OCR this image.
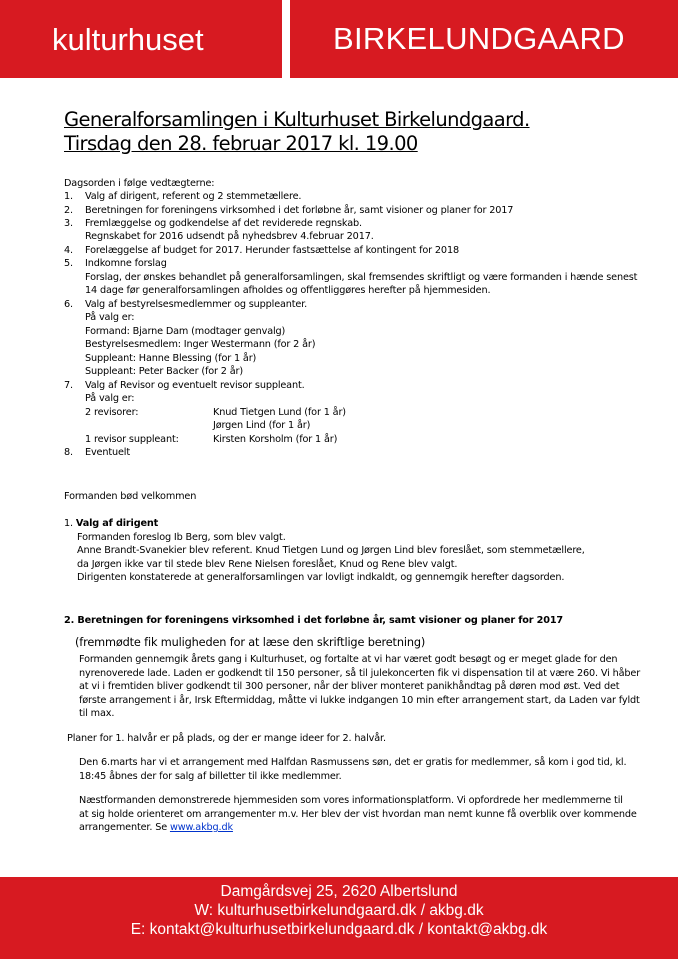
kulturhuset	BIRKELUNDGAARD
Generalforsamlingen i Kulturhuset Birkelundgaard.
Tirsdag den 28. februar 2017 kl. 19.00
Dagsorden i følge vedtægterne:
1. Valg af dirigent, referent og 2 stemmetællere.
2. Beretningen for foreningens virksomhed i det forløbne år, samt visioner og planer for 2017
3. Fremlæggelse og godkendelse af det reviderede regnskab.
Regnskabet for 2016 udsendt på nyhedsbrev 4.februar 2017.
4. Forelæggelse af budget for 2017. Herunder fastsættelse af kontingent for 2018
5. Indkomne forslag
Forslag, der ønskes behandlet på generalforsamlingen, skal fremsendes skriftligt og være formanden i hænde senest
14 dage før generalforsamlingen afholdes og offentliggøres herefter på hjemmesiden.
6. Valg af bestyrelsesmedlemmer og suppleanter.
På valg er:
Formand: Bjarne Dam (modtager genvalg)
Bestyrelsesmedlem: Inger Westermann (for 2 år)
Suppleant: Hanne Blessing (for 1 år)
Suppleant: Peter Backer (for 2 år)
7. Valg af Revisor og eventuelt revisor suppleant.
På valg er:
2 revisorer:	Knud Tietgen Lund (for 1 år)
Jørgen Lind (for 1 år)
1 revisor suppleant:	Kirsten Korsholm (for 1 år)
8. Eventuelt
Formanden bød velkommen
1. Valg af dirigent
Formanden foreslog Ib Berg, som blev valgt.
Anne Brandt-Svanekier blev referent. Knud Tietgen Lund og Jørgen Lind blev foreslået, som stemmetællere,
da Jørgen ikke var til stede blev Rene Nielsen foreslået, Knud og Rene blev valgt.
Dirigenten konstaterede at generalforsamlingen var lovligt indkaldt, og gennemgik herefter dagsorden.
2. Beretningen for foreningens virksomhed i det forløbne år, samt visioner og planer for 2017
(fremmødte fik muligheden for at læse den skriftlige beretning)
Formanden gennemgik årets gang i Kulturhuset, og fortalte at vi har været godt besøgt og er meget glade for den
nyrenoverede lade. Laden er godkendt til 150 personer, så til julekoncerten fik vi dispensation til at være 260. Vi håber
at vi i fremtiden bliver godkendt til 300 personer, når der bliver monteret panikhåndtag på døren mod øst. Ved det
første arrangement i år, Irsk Eftermiddag, måtte vi lukke indgangen 10 min efter arrangement start, da Laden var fyldt
til max.
Planer for 1. halvår er på plads, og der er mange ideer for 2. halvår.
Den 6.marts har vi et arrangement med Halfdan Rasmussens søn, det er gratis for medlemmer, så kom i god tid, kl.
18:45 åbnes der for salg af billetter til ikke medlemmer.
Næstformanden demonstrerede hjemmesiden som vores informationsplatform. Vi opfordrede her medlemmerne til
at sig holde orienteret om arrangementer m.v. Her blev der vist hvordan man nemt kunne få overblik over kommende
arrangementer. Se www.akbg.dk
Damgårdsvej 25, 2620 Albertslund
W: kulturhusetbirkelundgaard.dk / akbg.dk
E: kontakt@kulturhusetbirkelundgaard.dk / kontakt@akbg.dk
